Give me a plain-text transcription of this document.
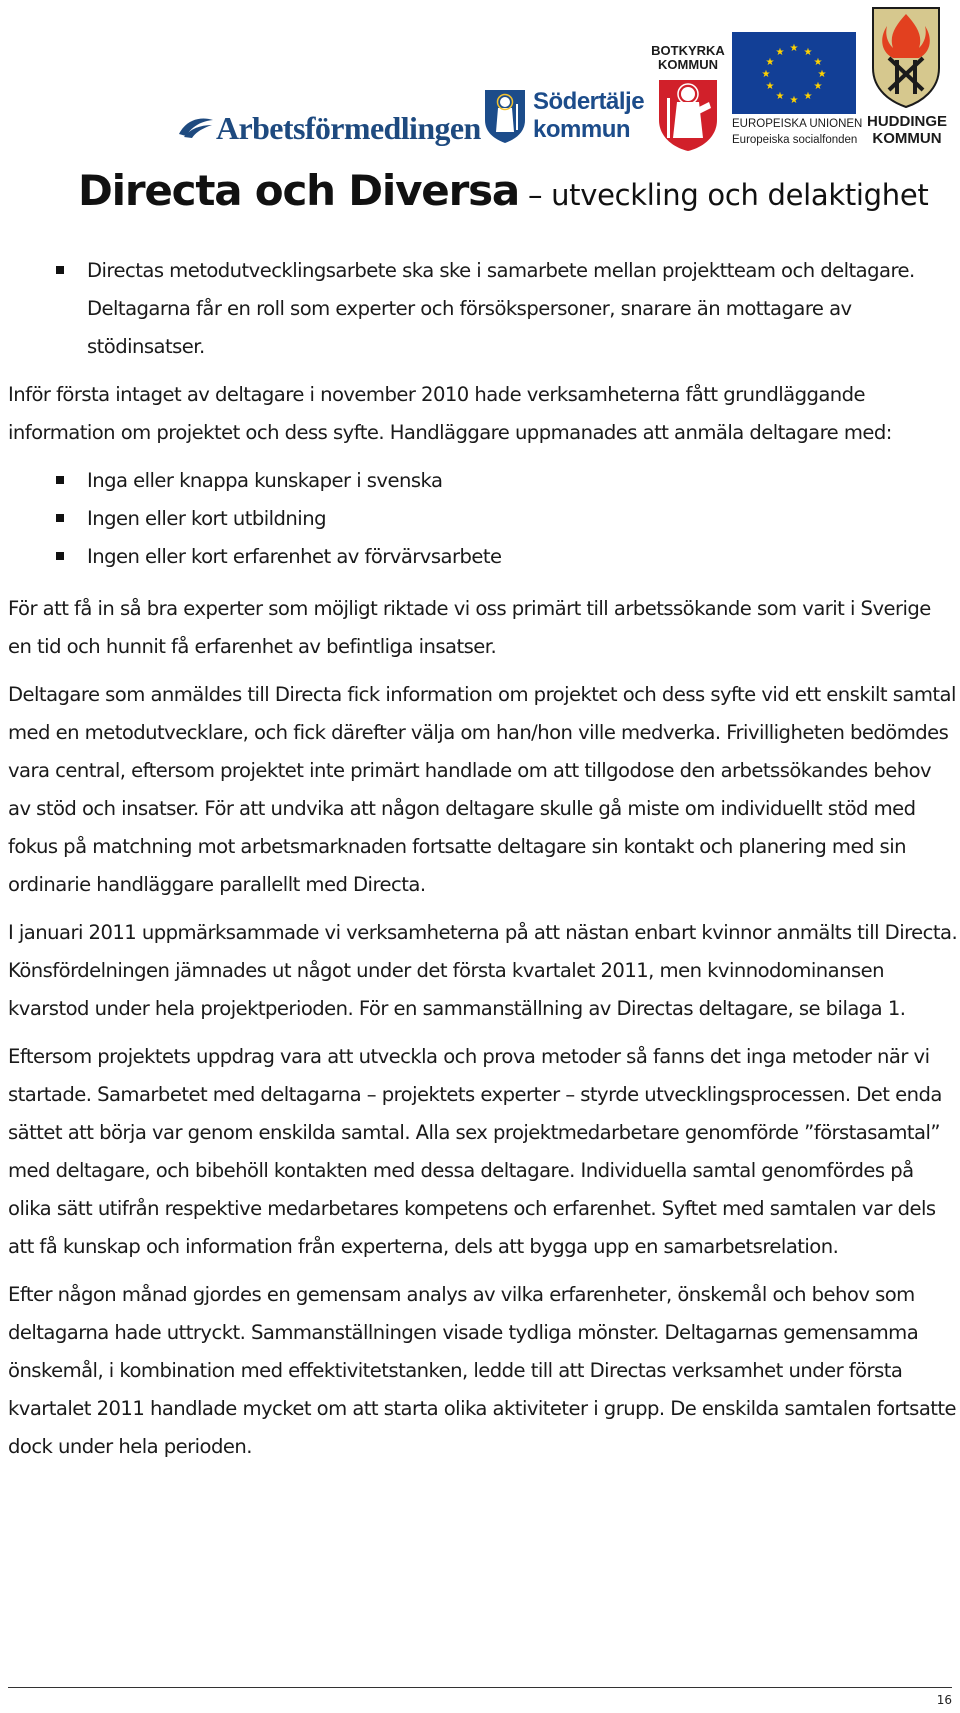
Arbetsförmedlingen
Södertälje
kommun
BOTKYRKA
KOMMUN
★ ★
★
★
★
★
★
★
★
★
★
★
EUROPEISKA UNIONEN
Europeiska socialfonden
HUDDINGE
KOMMUN
Directa och Diversa – utveckling och delaktighet
Directas metodutvecklingsarbete ska ske i samarbete mellan projektteam och deltagare. Deltagarna får en roll som experter och försökspersoner, snarare än mottagare av stödinsatser.

Inför första intaget av deltagare i november 2010 hade verksamheterna fått grundläggande information om projektet och dess syfte. Handläggare uppmanades att anmäla deltagare med:

Inga eller knappa kunskaper i svenska
Ingen eller kort utbildning
Ingen eller kort erfarenhet av förvärvsarbete

För att få in så bra experter som möjligt riktade vi oss primärt till arbetssökande som varit i Sverige en tid och hunnit få erfarenhet av befintliga insatser.

Deltagare som anmäldes till Directa fick information om projektet och dess syfte vid ett enskilt samtal med en metodutvecklare, och fick därefter välja om han/hon ville medverka. Frivilligheten bedömdes vara central, eftersom projektet inte primärt handlade om att tillgodose den arbetssökandes behov av stöd och insatser. För att undvika att någon deltagare skulle gå miste om individuellt stöd med fokus på matchning mot arbetsmarknaden fortsatte deltagare sin kontakt och planering med sin ordinarie handläggare parallellt med Directa.

I januari 2011 uppmärksammade vi verksamheterna på att nästan enbart kvinnor anmälts till Directa. Könsfördelningen jämnades ut något under det första kvartalet 2011, men kvinnodominansen kvarstod under hela projektperioden. För en sammanställning av Directas deltagare, se bilaga 1.

Eftersom projektets uppdrag vara att utveckla och prova metoder så fanns det inga metoder när vi startade. Samarbetet med deltagarna – projektets experter – styrde utvecklingsprocessen. Det enda sättet att börja var genom enskilda samtal. Alla sex projektmedarbetare genomförde ”förstasamtal” med deltagare, och bibehöll kontakten med dessa deltagare. Individuella samtal genomfördes på olika sätt utifrån respektive medarbetares kompetens och erfarenhet. Syftet med samtalen var dels att få kunskap och information från experterna, dels att bygga upp en samarbetsrelation.

Efter någon månad gjordes en gemensam analys av vilka erfarenheter, önskemål och behov som deltagarna hade uttryckt. Sammanställningen visade tydliga mönster. Deltagarnas gemensamma önskemål, i kombination med effektivitetstanken, ledde till att Directas verksamhet under första kvartalet 2011 handlade mycket om att starta olika aktiviteter i grupp. De enskilda samtalen fortsatte dock under hela perioden.

16
